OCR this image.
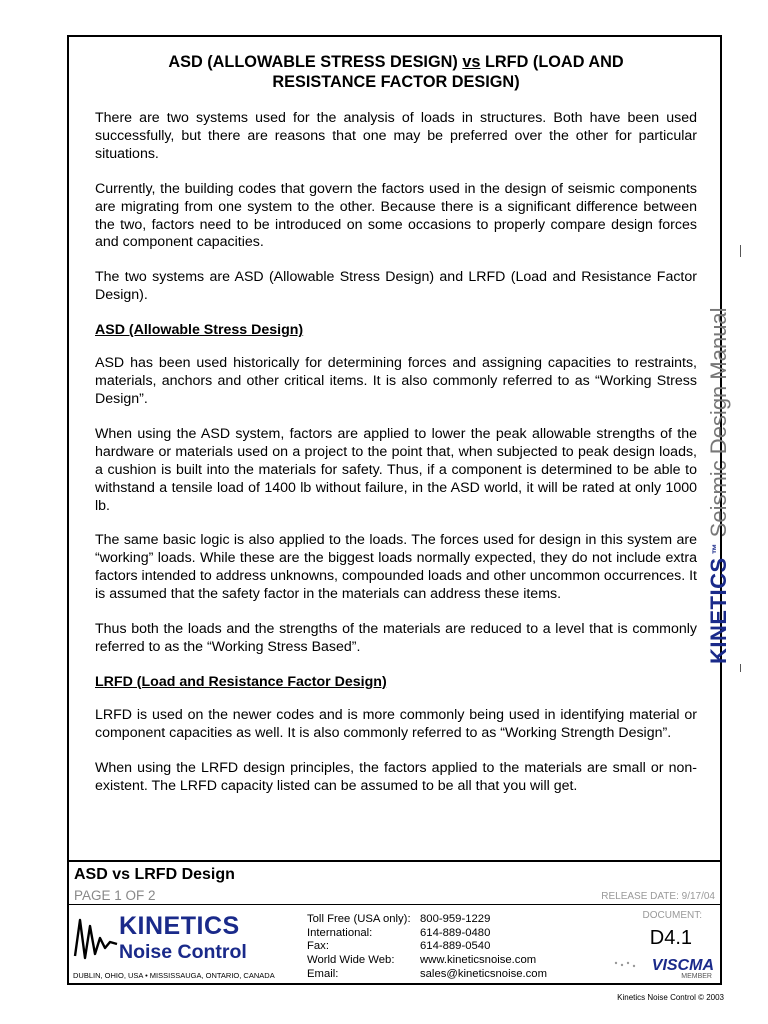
ASD (ALLOWABLE STRESS DESIGN) vs LRFD (LOAD AND
RESISTANCE FACTOR DESIGN)

There are two systems used for the analysis of loads in structures. Both have been used successfully, but there are reasons that one may be preferred over the other for particular situations.

Currently, the building codes that govern the factors used in the design of seismic components are migrating from one system to the other. Because there is a significant difference between the two, factors need to be introduced on some occasions to properly compare design forces and component capacities.

The two systems are ASD (Allowable Stress Design) and LRFD (Load and Resistance Factor Design).

ASD (Allowable Stress Design)

ASD has been used historically for determining forces and assigning capacities to restraints, materials, anchors and other critical items. It is also commonly referred to as “Working Stress Design”.

When using the ASD system, factors are applied to lower the peak allowable strengths of the hardware or materials used on a project to the point that, when subjected to peak design loads, a cushion is built into the materials for safety. Thus, if a component is determined to be able to withstand a tensile load of 1400 lb without failure, in the ASD world, it will be rated at only 1000 lb.

The same basic logic is also applied to the loads. The forces used for design in this system are “working” loads. While these are the biggest loads normally expected, they do not include extra factors intended to address unknowns, compounded loads and other uncommon occurrences. It is assumed that the safety factor in the materials can address these items.

Thus both the loads and the strengths of the materials are reduced to a level that is commonly referred to as the “Working Stress Based”.

LRFD (Load and Resistance Factor Design)

LRFD is used on the newer codes and is more commonly being used in identifying material or component capacities as well. It is also commonly referred to as “Working Strength Design”.

When using the LRFD design principles, the factors applied to the materials are small or non-existent. The LRFD capacity listed can be assumed to be all that you will get.

KINETICS™Seismic Design Manual
ASD vs LRFD Design
PAGE 1 OF 2	RELEASE DATE: 9/17/04
KINETICS
Noise Control
DUBLIN, OHIO, USA • MISSISSAUGA, ONTARIO, CANADA
Toll Free (USA only): 800-959-1229
International:	614-889-0480
Fax:	614-889-0540
World Wide Web:	www.kineticsnoise.com
Email:	sales@kineticsnoise.com
DOCUMENT:
D4.1
VISCMA
MEMBER
Kinetics Noise Control © 2003
